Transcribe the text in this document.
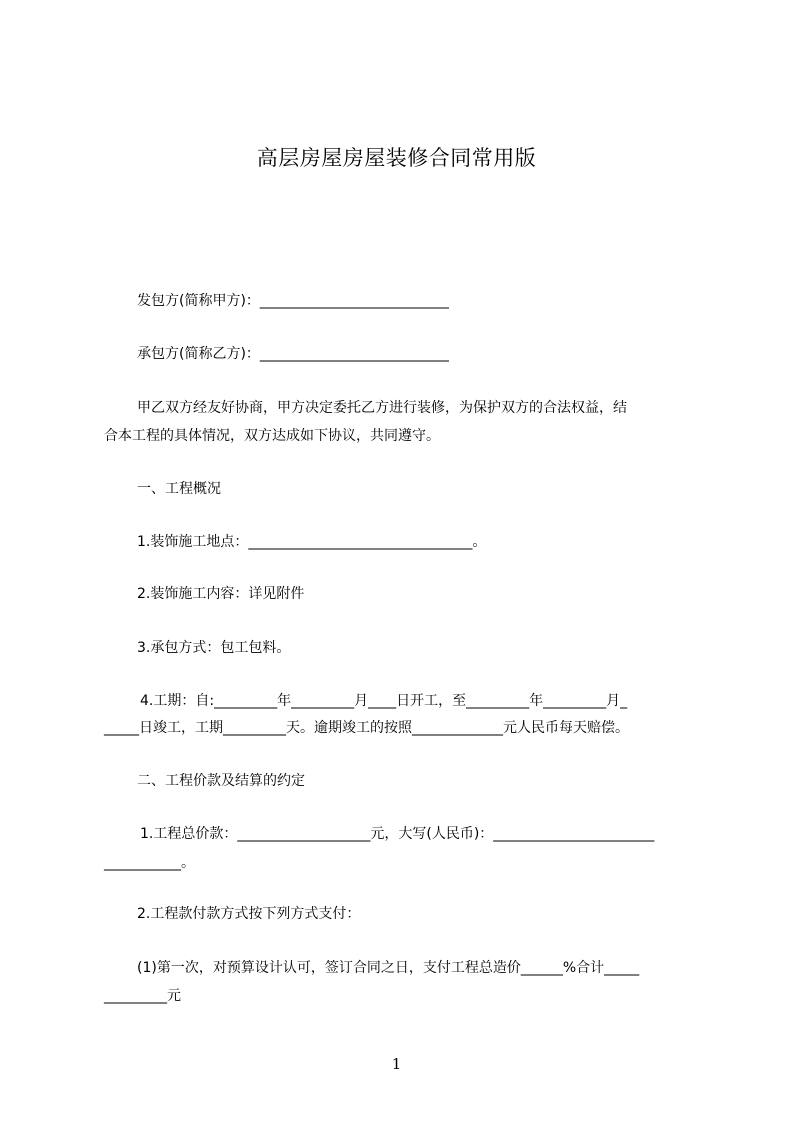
高层房屋房屋装修合同常用版
发包方(简称甲方)：___________________________
承包方(简称乙方)：___________________________
甲乙双方经友好协商，甲方决定委托乙方进行装修，为保护双方的合法权益，结
合本工程的具体情况，双方达成如下协议，共同遵守。
一、工程概况
1.装饰施工地点：________________________________。
2.装饰施工内容：详见附件
3.承包方式：包工包料。
4.工期：自:_________年_________月____日开工，至_________年_________月_
_____日竣工，工期_________天。逾期竣工的按照_____________元人民币每天赔偿。
二、工程价款及结算的约定
1.工程总价款：___________________元，大写(人民币)：_______________________
___________。
2.工程款付款方式按下列方式支付：
(1)第一次，对预算设计认可，签订合同之日，支付工程总造价______%合计_____
_________元
1
